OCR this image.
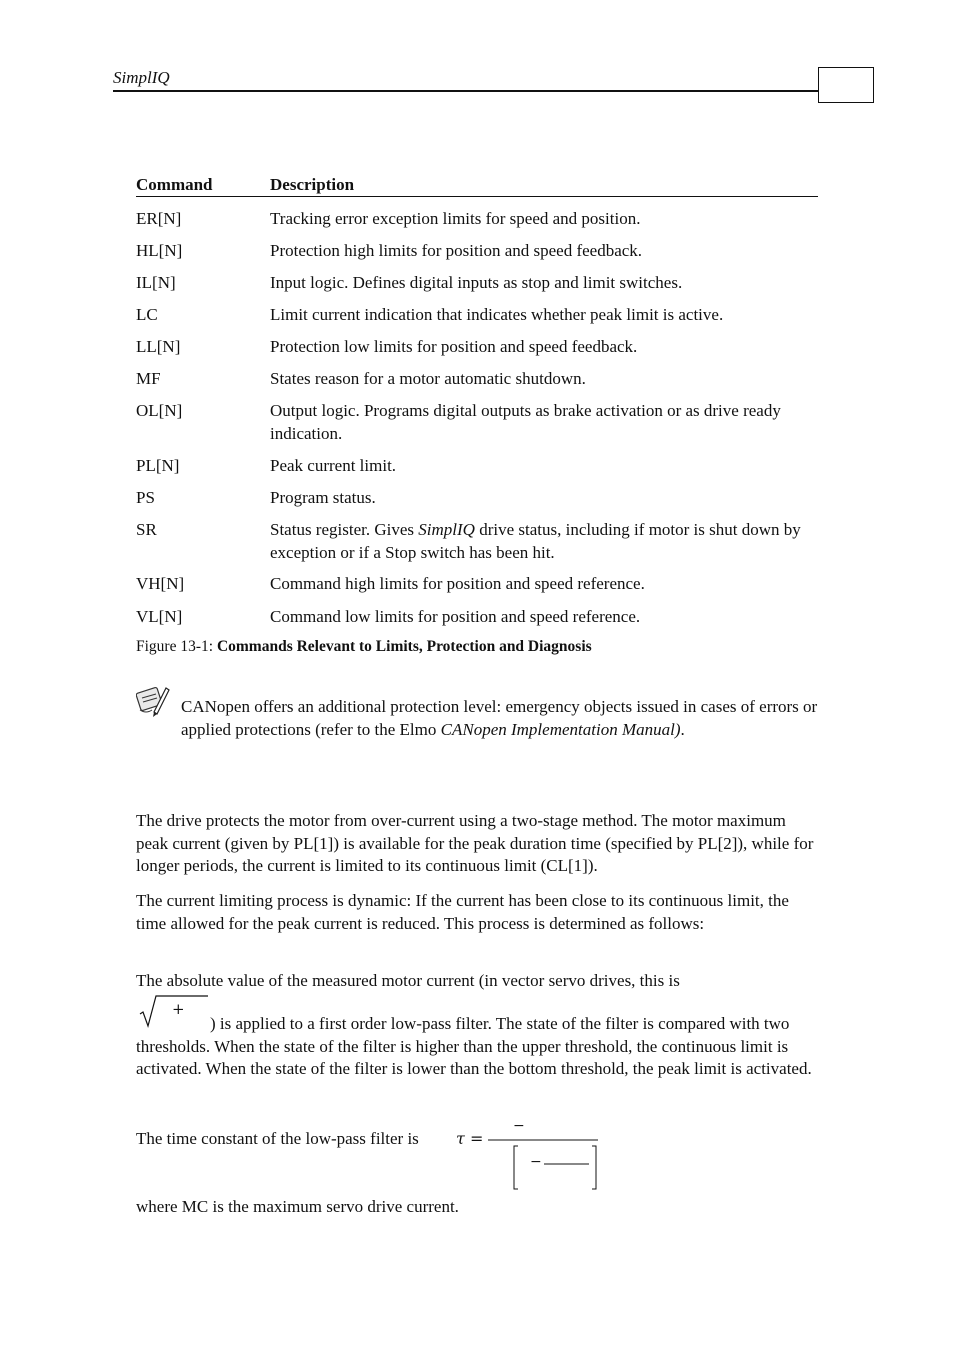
SimplIQ
Command	Description
ER[N]	Tracking error exception limits for speed and position.
HL[N]	Protection high limits for position and speed feedback.
IL[N]	Input logic. Defines digital inputs as stop and limit switches.
LC	Limit current indication that indicates whether peak limit is active.
LL[N]	Protection low limits for position and speed feedback.
MF	States reason for a motor automatic shutdown.
OL[N]	Output logic. Programs digital outputs as brake activation or as drive ready indication.
PL[N]	Peak current limit.
PS	Program status.
SR	Status register. Gives SimplIQ drive status, including if motor is shut down by exception or if a Stop switch has been hit.
VH[N]	Command high limits for position and speed reference.
VL[N]	Command low limits for position and speed reference.
Figure 13-1: Commands Relevant to Limits, Protection and Diagnosis
CANopen offers an additional protection level: emergency objects issued in cases of errors or applied protections (refer to the Elmo CANopen Implementation Manual).
The drive protects the motor from over-current using a two-stage method. The motor maximum peak current (given by PL[1]) is available for the peak duration time (specified by PL[2]), while for longer periods, the current is limited to its continuous limit (CL[1]).
The current limiting process is dynamic: If the current has been close to its continuous limit, the time allowed for the peak current is reduced. This process is determined as follows:
The absolute value of the measured motor current (in vector servo drives, this is
+
) is applied to a first order low-pass filter. The state of the filter is compared with two thresholds. When the state of the filter is higher than the upper threshold, the continuous limit is activated. When the state of the filter is lower than the bottom threshold, the peak limit is activated.
The time constant of the low-pass filter is	τ =
−
−
where MC is the maximum servo drive current.
